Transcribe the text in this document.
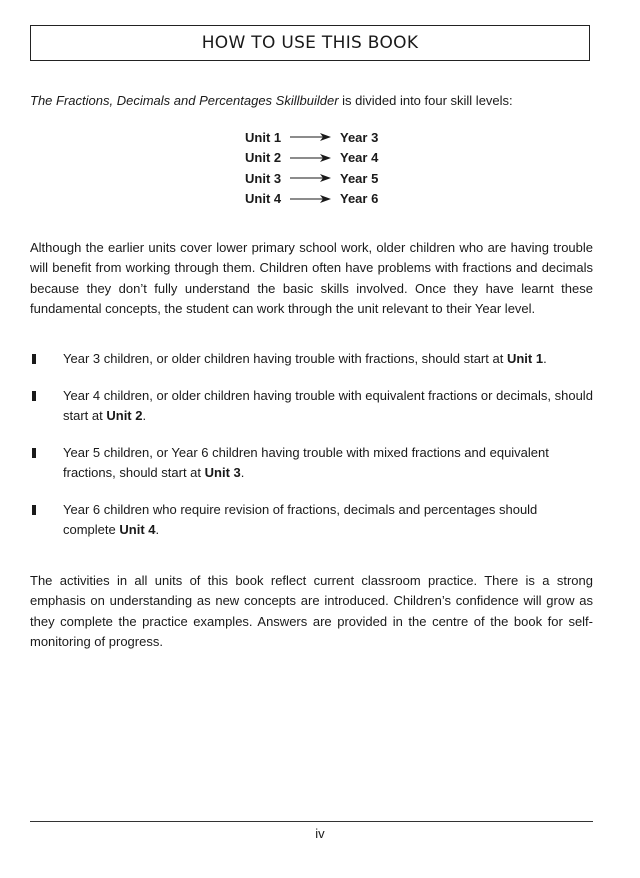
HOW TO USE THIS BOOK
The Fractions, Decimals and Percentages Skillbuilder is divided into four skill levels:
Unit 1	Year 3
Unit 2	Year 4
Unit 3	Year 5
Unit 4	Year 6

Although the earlier units cover lower primary school work, older children who are having trouble will benefit from working through them. Children often have problems with fractions and decimals because they don’t fully understand the basic skills involved. Once they have learnt these fundamental concepts, the student can work through the unit relevant to their Year level.

Year 3 children, or older children having trouble with fractions, should start at Unit 1.
Year 4 children, or older children having trouble with equivalent fractions or decimals, should start at Unit 2.
Year 5 children, or Year 6 children having trouble with mixed fractions and equivalent fractions, should start at Unit 3.
Year 6 children who require revision of fractions, decimals and percentages should complete Unit 4.

The activities in all units of this book reflect current classroom practice. There is a strong emphasis on understanding as new concepts are introduced. Children’s confidence will grow as they complete the practice examples. Answers are provided in the centre of the book for self-monitoring of progress.

iv
